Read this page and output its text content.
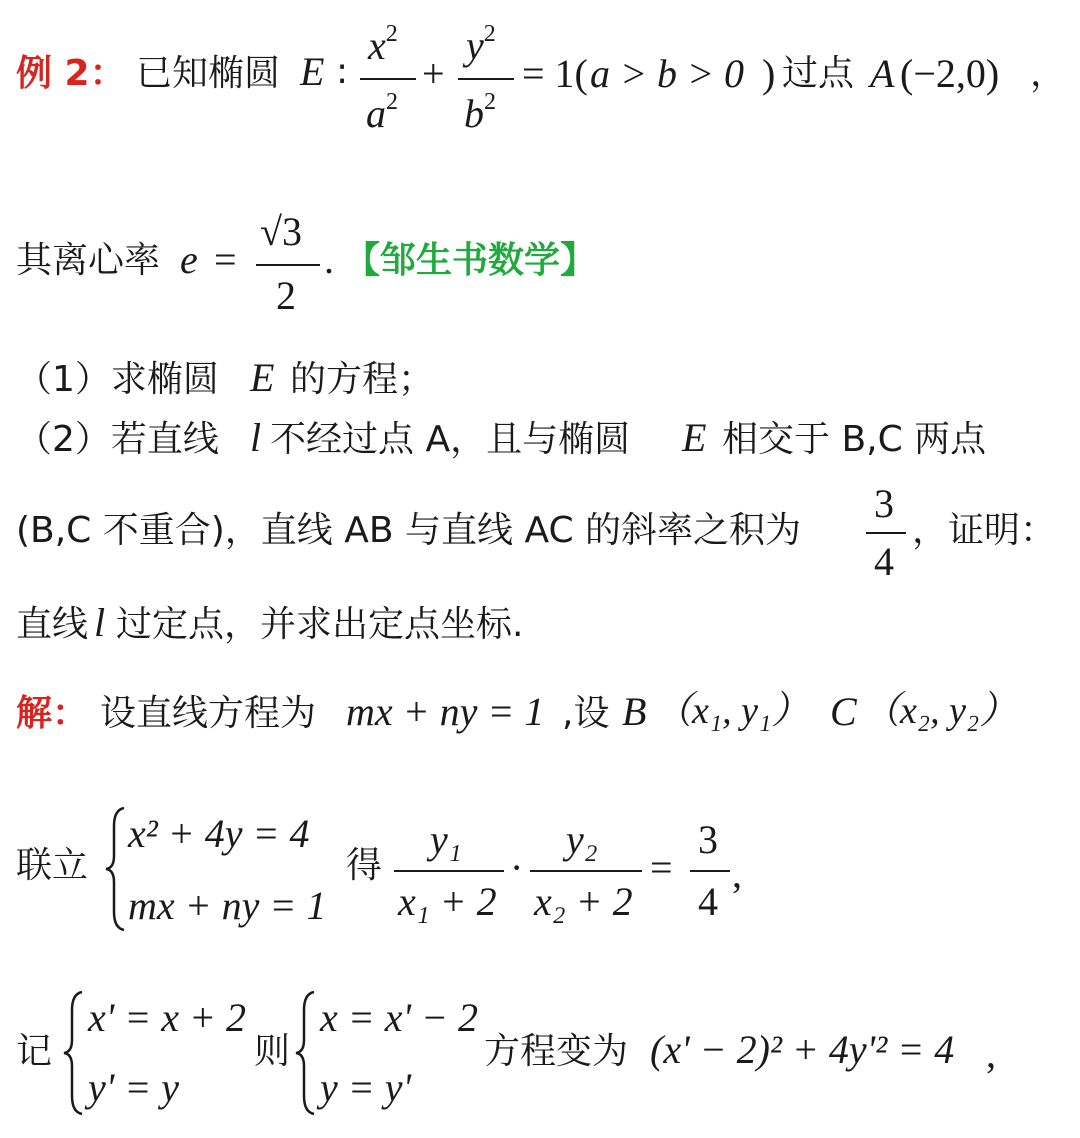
例 2： 已知椭圆 E :
$x^2$
$a^2$
+
$y^2$
$b^2$
= 1( a > b > 0 ) 过点 A (−2,0) ，
其离心率 e =
√3
2
. 【邹生书数学】
（1）求椭圆 E 的方程；
（2）若直线 l 不经过点 A，且与椭圆 E 相交于 B,C 两点
(B,C 不重合)，直线 AB 与直线 AC 的斜率之积为
3
4
，证明：
直线 l 过定点，并求出定点坐标.
解： 设直线方程为 mx + ny = 1 ,设 B （x₁, y₁） C （x₂, y₂）
联立
x² + 4y = 4
mx + ny = 1
得
y₁
x₁ + 2
·
y₂
x₂ + 2
=
3
4
,
记
x' = x + 2
y' = y
则
x = x' − 2
y = y'
方程变为 (x' − 2)² + 4y'² = 4 ,
